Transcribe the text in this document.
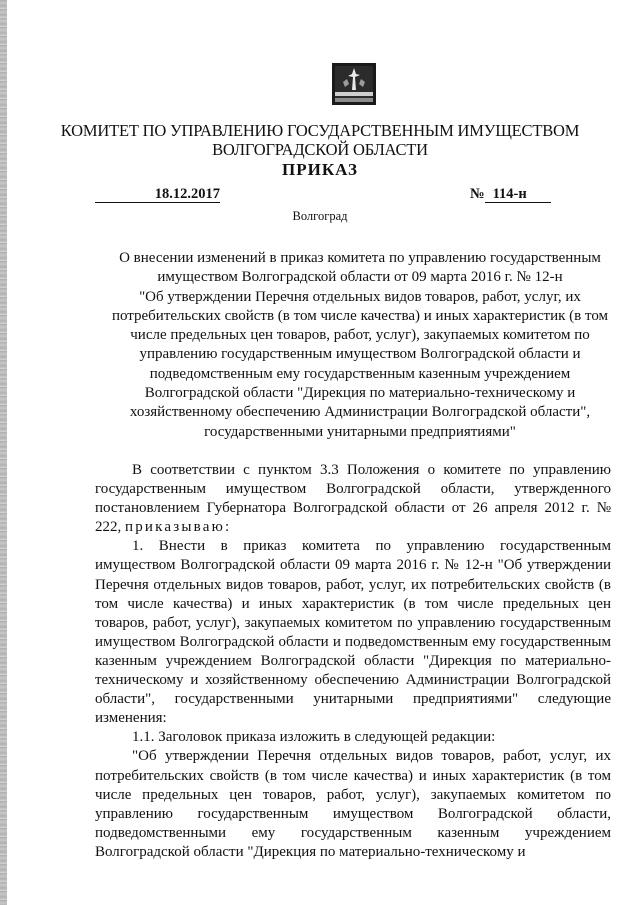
КОМИТЕТ ПО УПРАВЛЕНИЮ ГОСУДАРСТВЕННЫМ ИМУЩЕСТВОМ
ВОЛГОГРАДСКОЙ ОБЛАСТИ
ПРИКАЗ
18.12.2017	№ 114-н
Волгоград
О внесении изменений в приказ комитета по управлению государственным
имуществом Волгоградской области от 09 марта 2016 г. № 12-н
"Об утверждении Перечня отдельных видов товаров, работ, услуг, их
потребительских свойств (в том числе качества) и иных характеристик (в том
числе предельных цен товаров, работ, услуг), закупаемых комитетом по
управлению государственным имуществом Волгоградской области и
подведомственным ему государственным казенным учреждением
Волгоградской области "Дирекция по материально-техническому и
хозяйственному обеспечению Администрации Волгоградской области",
государственными унитарными предприятиями"

В соответствии с пунктом 3.3 Положения о комитете по управлению государственным имуществом Волгоградской области, утвержденного постановлением Губернатора Волгоградской области от 26 апреля 2012 г. № 222, приказываю:

1. Внести в приказ комитета по управлению государственным имуществом Волгоградской области 09 марта 2016 г. № 12-н "Об утверждении Перечня отдельных видов товаров, работ, услуг, их потребительских свойств (в том числе качества) и иных характеристик (в том числе предельных цен товаров, работ, услуг), закупаемых комитетом по управлению государственным имуществом Волгоградской области и подведомственным ему государственным казенным учреждением Волгоградской области "Дирекция по материально-техническому и хозяйственному обеспечению Администрации Волгоградской области", государственными унитарными предприятиями" следующие изменения:

1.1. Заголовок приказа изложить в следующей редакции:

"Об утверждении Перечня отдельных видов товаров, работ, услуг, их потребительских свойств (в том числе качества) и иных характеристик (в том числе предельных цен товаров, работ, услуг), закупаемых комитетом по управлению государственным имуществом Волгоградской области, подведомственными ему государственным казенным учреждением Волгоградской области "Дирекция по материально-техническому и
